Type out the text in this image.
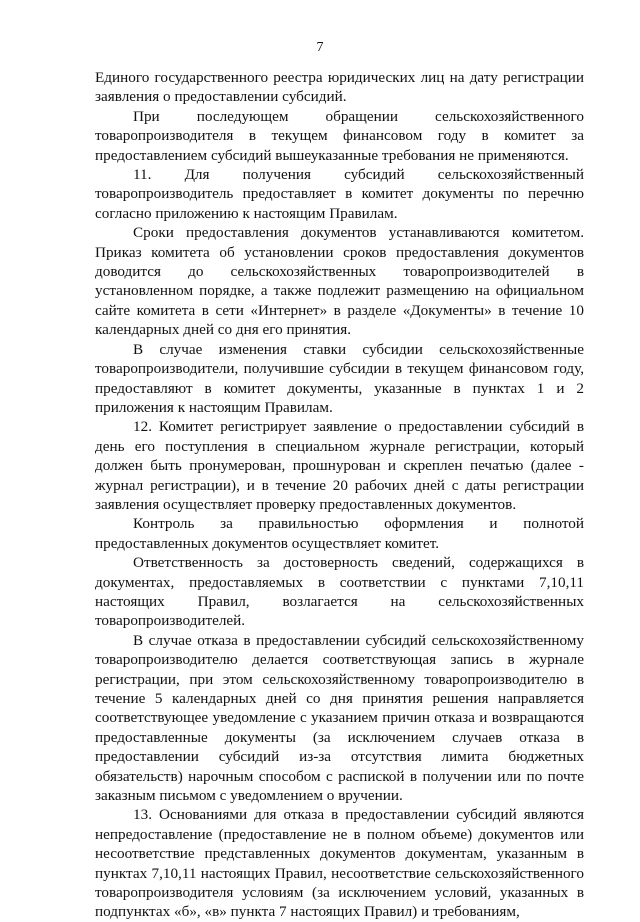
7

Единого государственного реестра юридических лиц на дату регистрации заявления о предоставлении субсидий.

При последующем обращении сельскохозяйственного товаропроизводителя в текущем финансовом году в комитет за предоставлением субсидий вышеуказанные требования не применяются.

11. Для получения субсидий сельскохозяйственный товаропроизводитель предоставляет в комитет документы по перечню согласно приложению к настоящим Правилам.

Сроки предоставления документов устанавливаются комитетом. Приказ комитета об установлении сроков предоставления документов доводится до сельскохозяйственных товаропроизводителей в установленном порядке, а также подлежит размещению на официальном сайте комитета в сети «Интернет» в разделе «Документы» в течение 10 календарных дней со дня его принятия.

В случае изменения ставки субсидии сельскохозяйственные товаропроизводители, получившие субсидии в текущем финансовом году, предоставляют в комитет документы, указанные в пунктах 1 и 2 приложения к настоящим Правилам.

12. Комитет регистрирует заявление о предоставлении субсидий в день его поступления в специальном журнале регистрации, который должен быть пронумерован, прошнурован и скреплен печатью (далее - журнал регистрации), и в течение 20 рабочих дней с даты регистрации заявления осуществляет проверку предоставленных документов.

Контроль за правильностью оформления и полнотой предоставленных документов осуществляет комитет.

Ответственность за достоверность сведений, содержащихся в документах, предоставляемых в соответствии с пунктами 7,10,11 настоящих Правил, возлагается на сельскохозяйственных товаропроизводителей.

В случае отказа в предоставлении субсидий сельскохозяйственному товаропроизводителю делается соответствующая запись в журнале регистрации, при этом сельскохозяйственному товаропроизводителю в течение 5 календарных дней со дня принятия решения направляется соответствующее уведомление с указанием причин отказа и возвращаются предоставленные документы (за исключением случаев отказа в предоставлении субсидий из-за отсутствия лимита бюджетных обязательств) нарочным способом с распиской в получении или по почте заказным письмом с уведомлением о вручении.

13. Основаниями для отказа в предоставлении субсидий являются непредоставление (предоставление не в полном объеме) документов или несоответствие представленных документов документам, указанным в пунктах 7,10,11 настоящих Правил, несоответствие сельскохозяйственного товаропроизводителя условиям (за исключением условий, указанных в подпунктах «б», «в» пункта 7 настоящих Правил) и требованиям,
